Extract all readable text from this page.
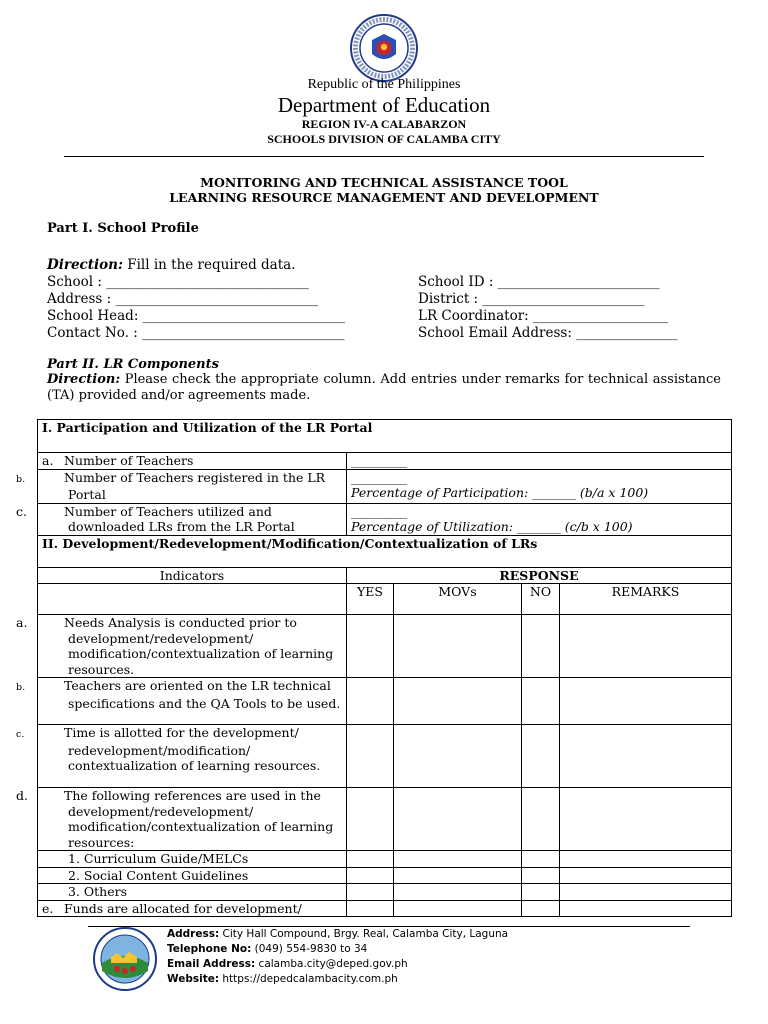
Republic of the Philippines
Department of Education
REGION IV-A CALABARZON
SCHOOLS DIVISION OF CALAMBA CITY
MONITORING AND TECHNICAL ASSISTANCE TOOL
LEARNING RESOURCE MANAGEMENT AND DEVELOPMENT
Part I. School Profile
Direction: Fill in the required data.
School : ______________________________
Address : ______________________________
School Head: ______________________________
Contact No. : ______________________________
School ID : ________________________
District : ________________________
LR Coordinator: ____________________
School Email Address: _______________
Part II. LR Components
Direction: Please check the appropriate column. Add entries under remarks for technical assistance (TA) provided and/or agreements made.
I. Participation and Utilization of the LR Portal				
a. Number of Teachers	_________			
b. Number of Teachers registered in the LR Portal	_________
Percentage of Participation: _______ (b/a x 100)			

c. Number of Teachers utilized and downloaded LRs from the LR Portal	_________
Percentage of Utilization: _______ (c/b x 100)			

II. Development/Redevelopment/Modification/Contextualization of LRs				
Indicators	RESPONSE			
	YES	MOVs	NO	REMARKS
a. Needs Analysis is conducted prior to development/redevelopment/ modification/contextualization of learning resources.				
b. Teachers are oriented on the LR technical specifications and the QA Tools to be used.				
c. Time is allotted for the development/ redevelopment/modification/ contextualization of learning resources.				
d. The following references are used in the development/redevelopment/ modification/contextualization of learning resources:				
1. Curriculum Guide/MELCs				
2. Social Content Guidelines				
3. Others				
e. Funds are allocated for development/				
Address: City Hall Compound, Brgy. Real, Calamba City, Laguna
Telephone No: (049) 554-9830 to 34
Email Address: calamba.city@deped.gov.ph
Website: https://depedcalambacity.com.ph
